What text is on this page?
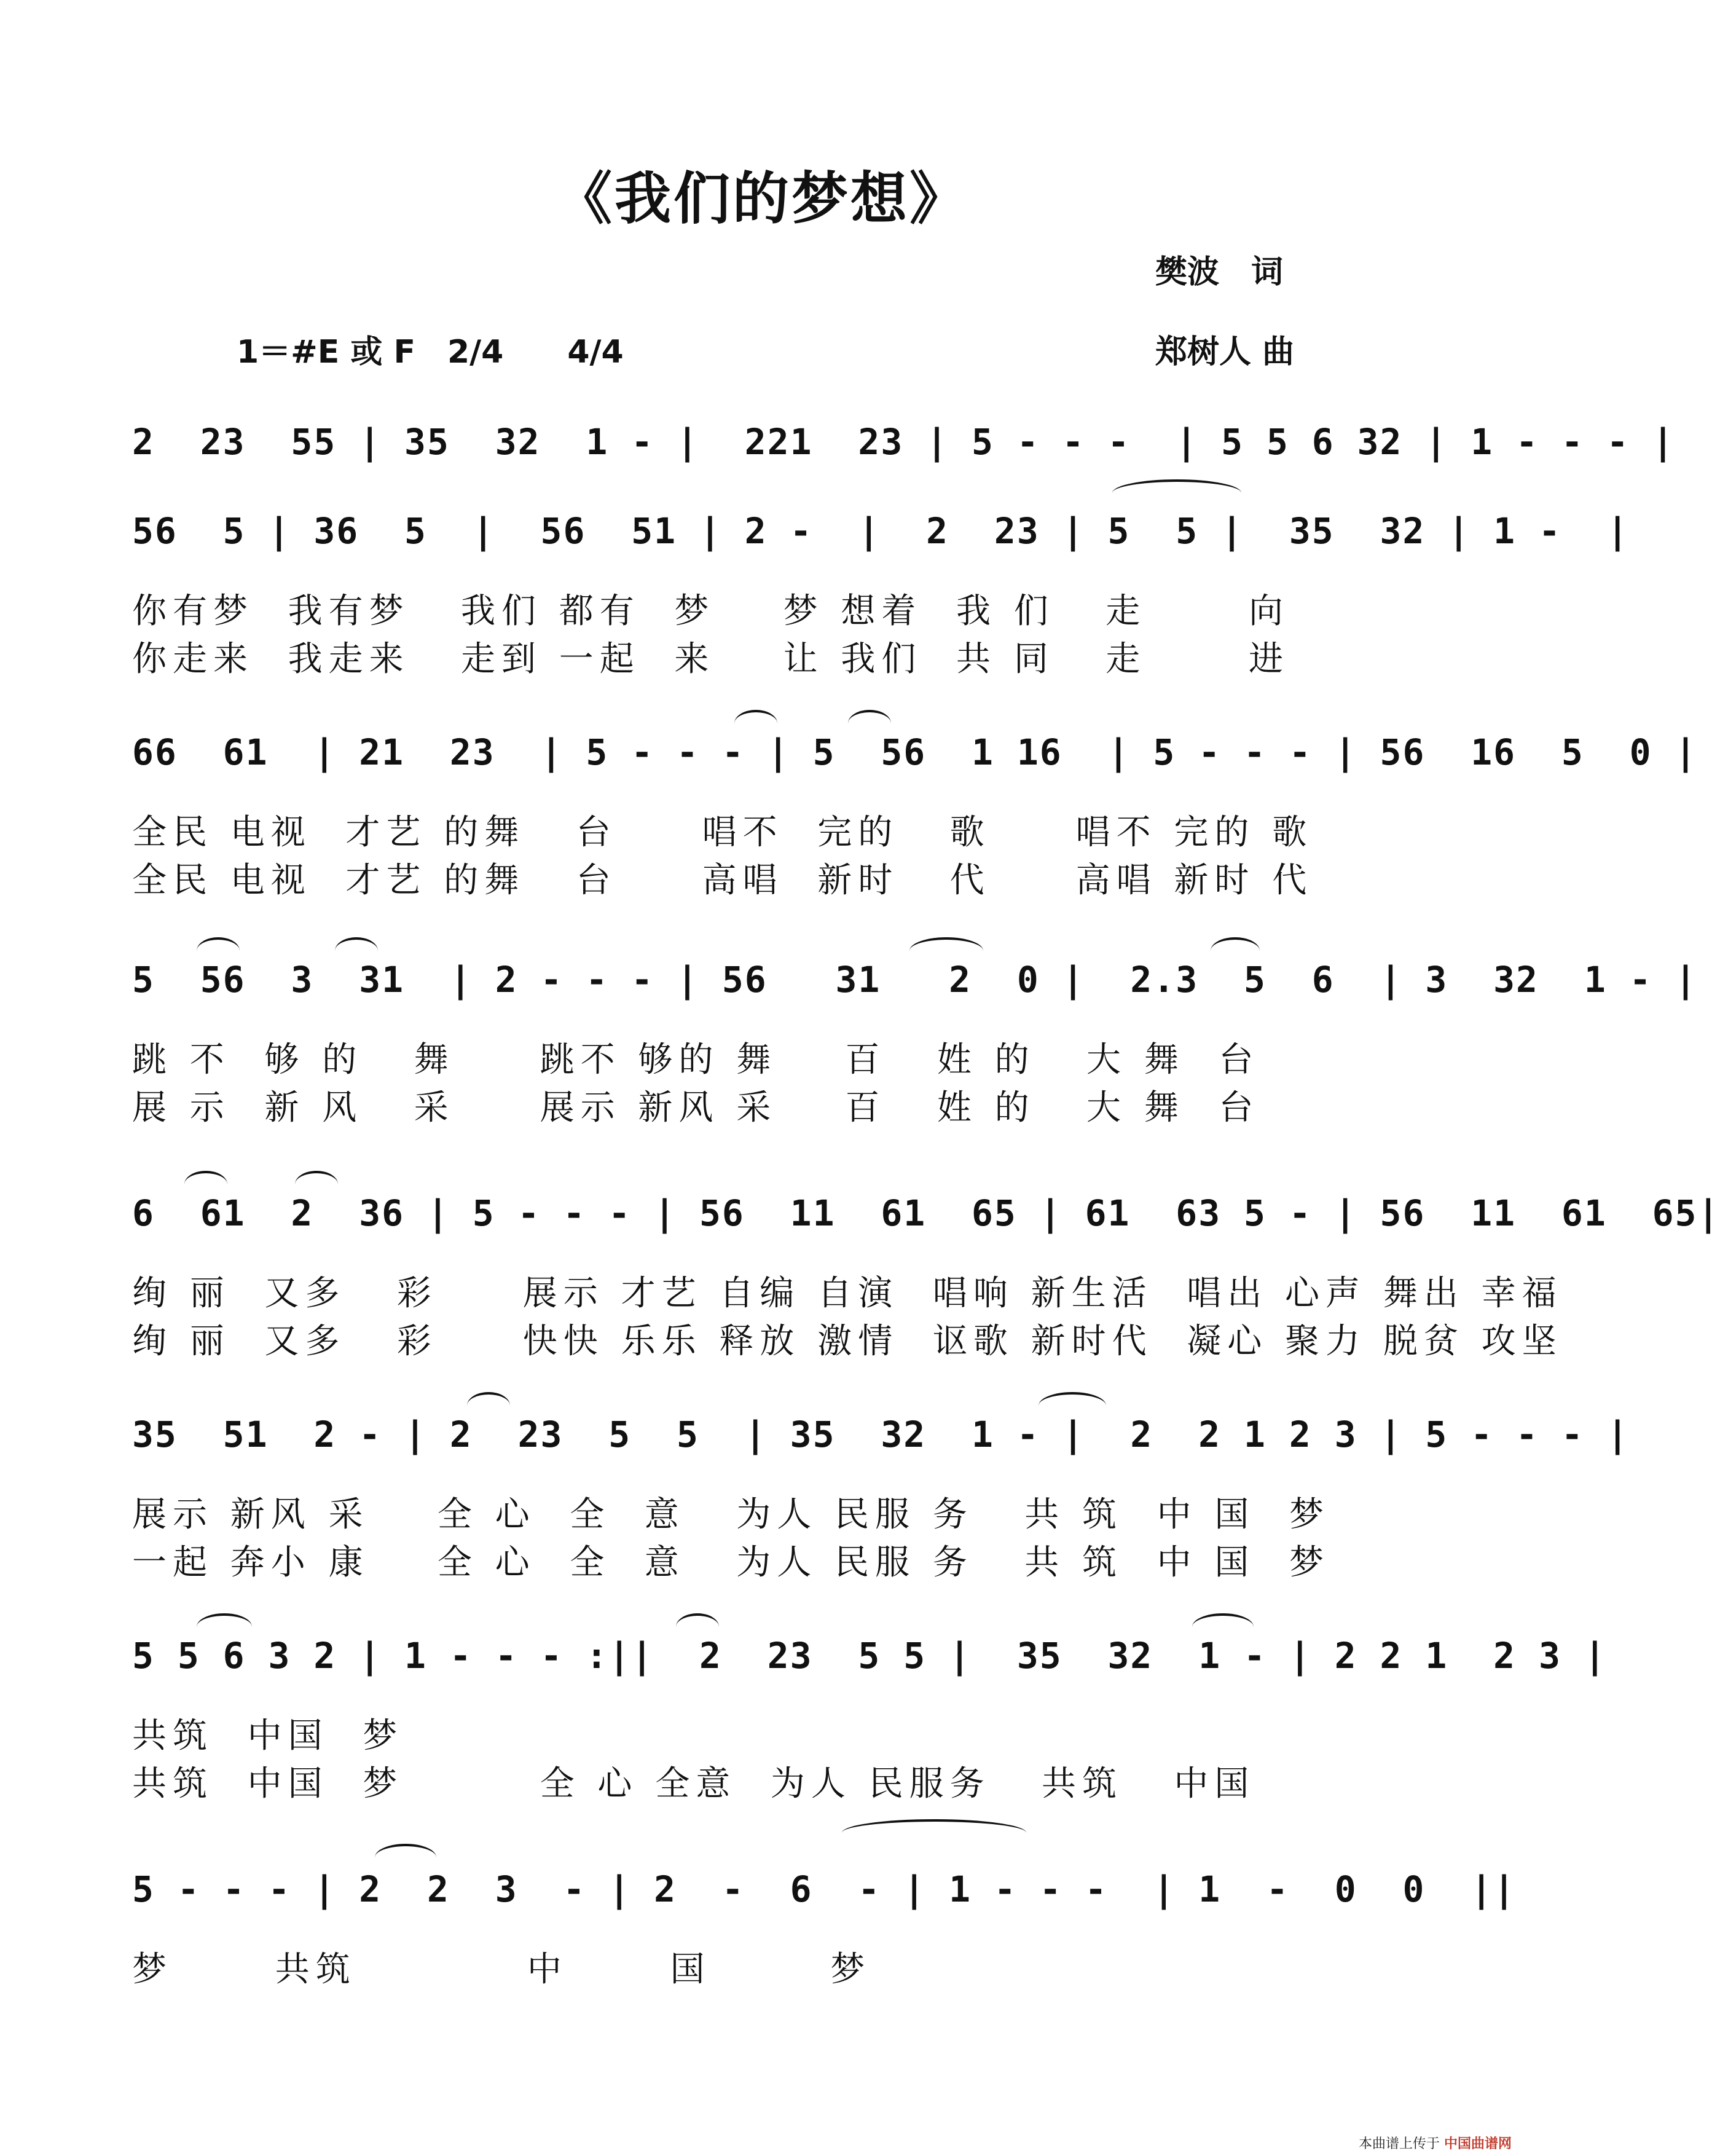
《我们的梦想》
樊波　词
郑树人 曲
1＝#E 或 F　2/4　　4/4
2  23  55 | 35  32  1 - |  221  23 | 5 - - -  | 5 5 6 32 | 1 - - - |
56  5 | 36  5  |  56  51 | 2 -  |  2  23 | 5  5 |  35  32 | 1 -  |
你有梦  我有梦   我们 都有  梦    梦 想着  我 们   走      向
你走来  我走来   走到 一起  来    让 我们  共 同   走      进
66  61  | 21  23  | 5 - - - | 5  56  1 16  | 5 - - - | 56  16  5  0 |
全民 电视  才艺 的舞   台     唱不  完的   歌     唱不 完的 歌
全民 电视  才艺 的舞   台     高唱  新时   代     高唱 新时 代
5  56  3  31  | 2 - - - | 56   31   2  0 |  2.3  5  6  | 3  32  1 - |
跳 不  够 的   舞     跳不 够的 舞    百   姓 的   大 舞  台
展 示  新 风   采     展示 新风 采    百   姓 的   大 舞  台
6  61  2  36 | 5 - - - | 56  11  61  65 | 61  63 5 - | 56  11  61  65|
绚 丽  又多   彩     展示 才艺 自编 自演  唱响 新生活  唱出 心声 舞出 幸福
绚 丽  又多   彩     快快 乐乐 释放 激情  讴歌 新时代  凝心 聚力 脱贫 攻坚
35  51  2 - | 2  23  5  5  | 35  32  1 - |  2  2 1 2 3 | 5 - - - |
展示 新风 采    全 心  全  意   为人 民服 务   共 筑  中 国  梦
一起 奔小 康    全 心  全  意   为人 民服 务   共 筑  中 国  梦
5 5 6 3 2 | 1 - - - :||  2  23  5 5 |  35  32  1 - | 2 2 1  2 3 |
共筑  中国  梦
共筑  中国  梦        全 心 全意  为人 民服务   共筑   中国
5 - - - | 2  2  3  - | 2  -  6  - | 1 - - -  | 1  -  0  0  ||
梦      共筑          中      国       梦
本曲谱上传于 中国曲谱网
